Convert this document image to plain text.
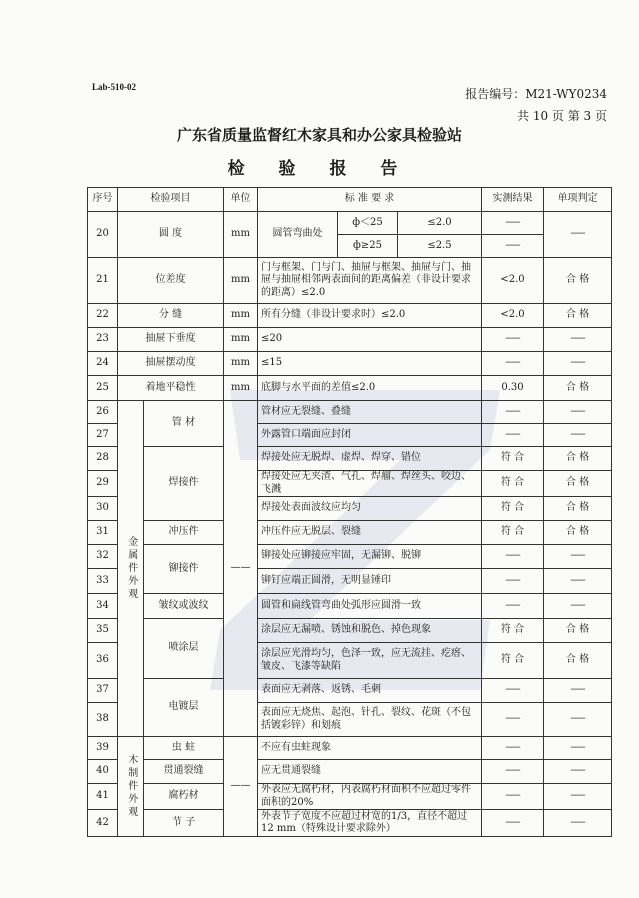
Lab-510-02	报告编号：M21-WY0234
共 10 页 第 3 页
广东省质量监督红木家具和办公家具检验站
检 验 报 告
序号	检验项目		单位	标 准 要 求			实测结果	单项判定
20	圆 度		mm	圆管弯曲处	ф＜25	≤2.0	------	------
					ф≥25	≤2.5	------	
21	位差度		mm	门与框架、门与门、抽屉与框架、抽屉与门、抽屉与抽屉相邻两表面间的距离偏差（非设计要求的距离）≤2.0			<2.0	合 格
22	分 缝		mm	所有分缝（非设计要求时）≤2.0			<2.0	合 格
23	抽屉下垂度		mm	≤20			------	------
24	抽屉摆动度		mm	≤15			------	------
25	着地平稳性		mm	底脚与水平面的差值≤2.0			0.30	合 格
26	金属件外观	管 材	——	管材应无裂缝、叠缝			------	------
27				外露管口端面应封闭			------	------
28		焊接件		焊接处应无脱焊、虚焊、焊穿、错位			符 合	合 格
29				焊接处应无夹渣、气孔、焊瘤、焊丝头、咬边、飞溅			符 合	合 格
30				焊接处表面波纹应均匀			符 合	合 格
31		冲压件		冲压件应无脱层、裂缝			符 合	合 格
32		铆接件		铆接处应铆接应牢固，无漏铆、脱铆			------	------
33				铆钉应端正圆滑，无明显锤印			------	------
34		皱纹或波纹		圆管和扁线管弯曲处弧形应圆滑一致			------	------
35		喷涂层		涂层应无漏喷、锈蚀和脱色、掉色现象			符 合	合 格
36				涂层应光滑均匀，色泽一致，应无流挂、疙瘩、皱皮、飞漆等缺陷			符 合	合 格
37		电镀层		表面应无剥落、返锈、毛刺			------	------
38				表面应无烧焦、起泡、针孔、裂纹、花斑（不包括镀彩锌）和划痕			------	------
39	木制件外观	虫 蛀	——	不应有虫蛀现象			------	------
40		贯通裂缝		应无贯通裂缝			------	------
41		腐朽材		外表应无腐朽材，内表腐朽材面积不应超过零件面积的20%			------	------
42		节 子		外表节子宽度不应超过材宽的1/3，直径不超过12 mm（特殊设计要求除外）			------	------
